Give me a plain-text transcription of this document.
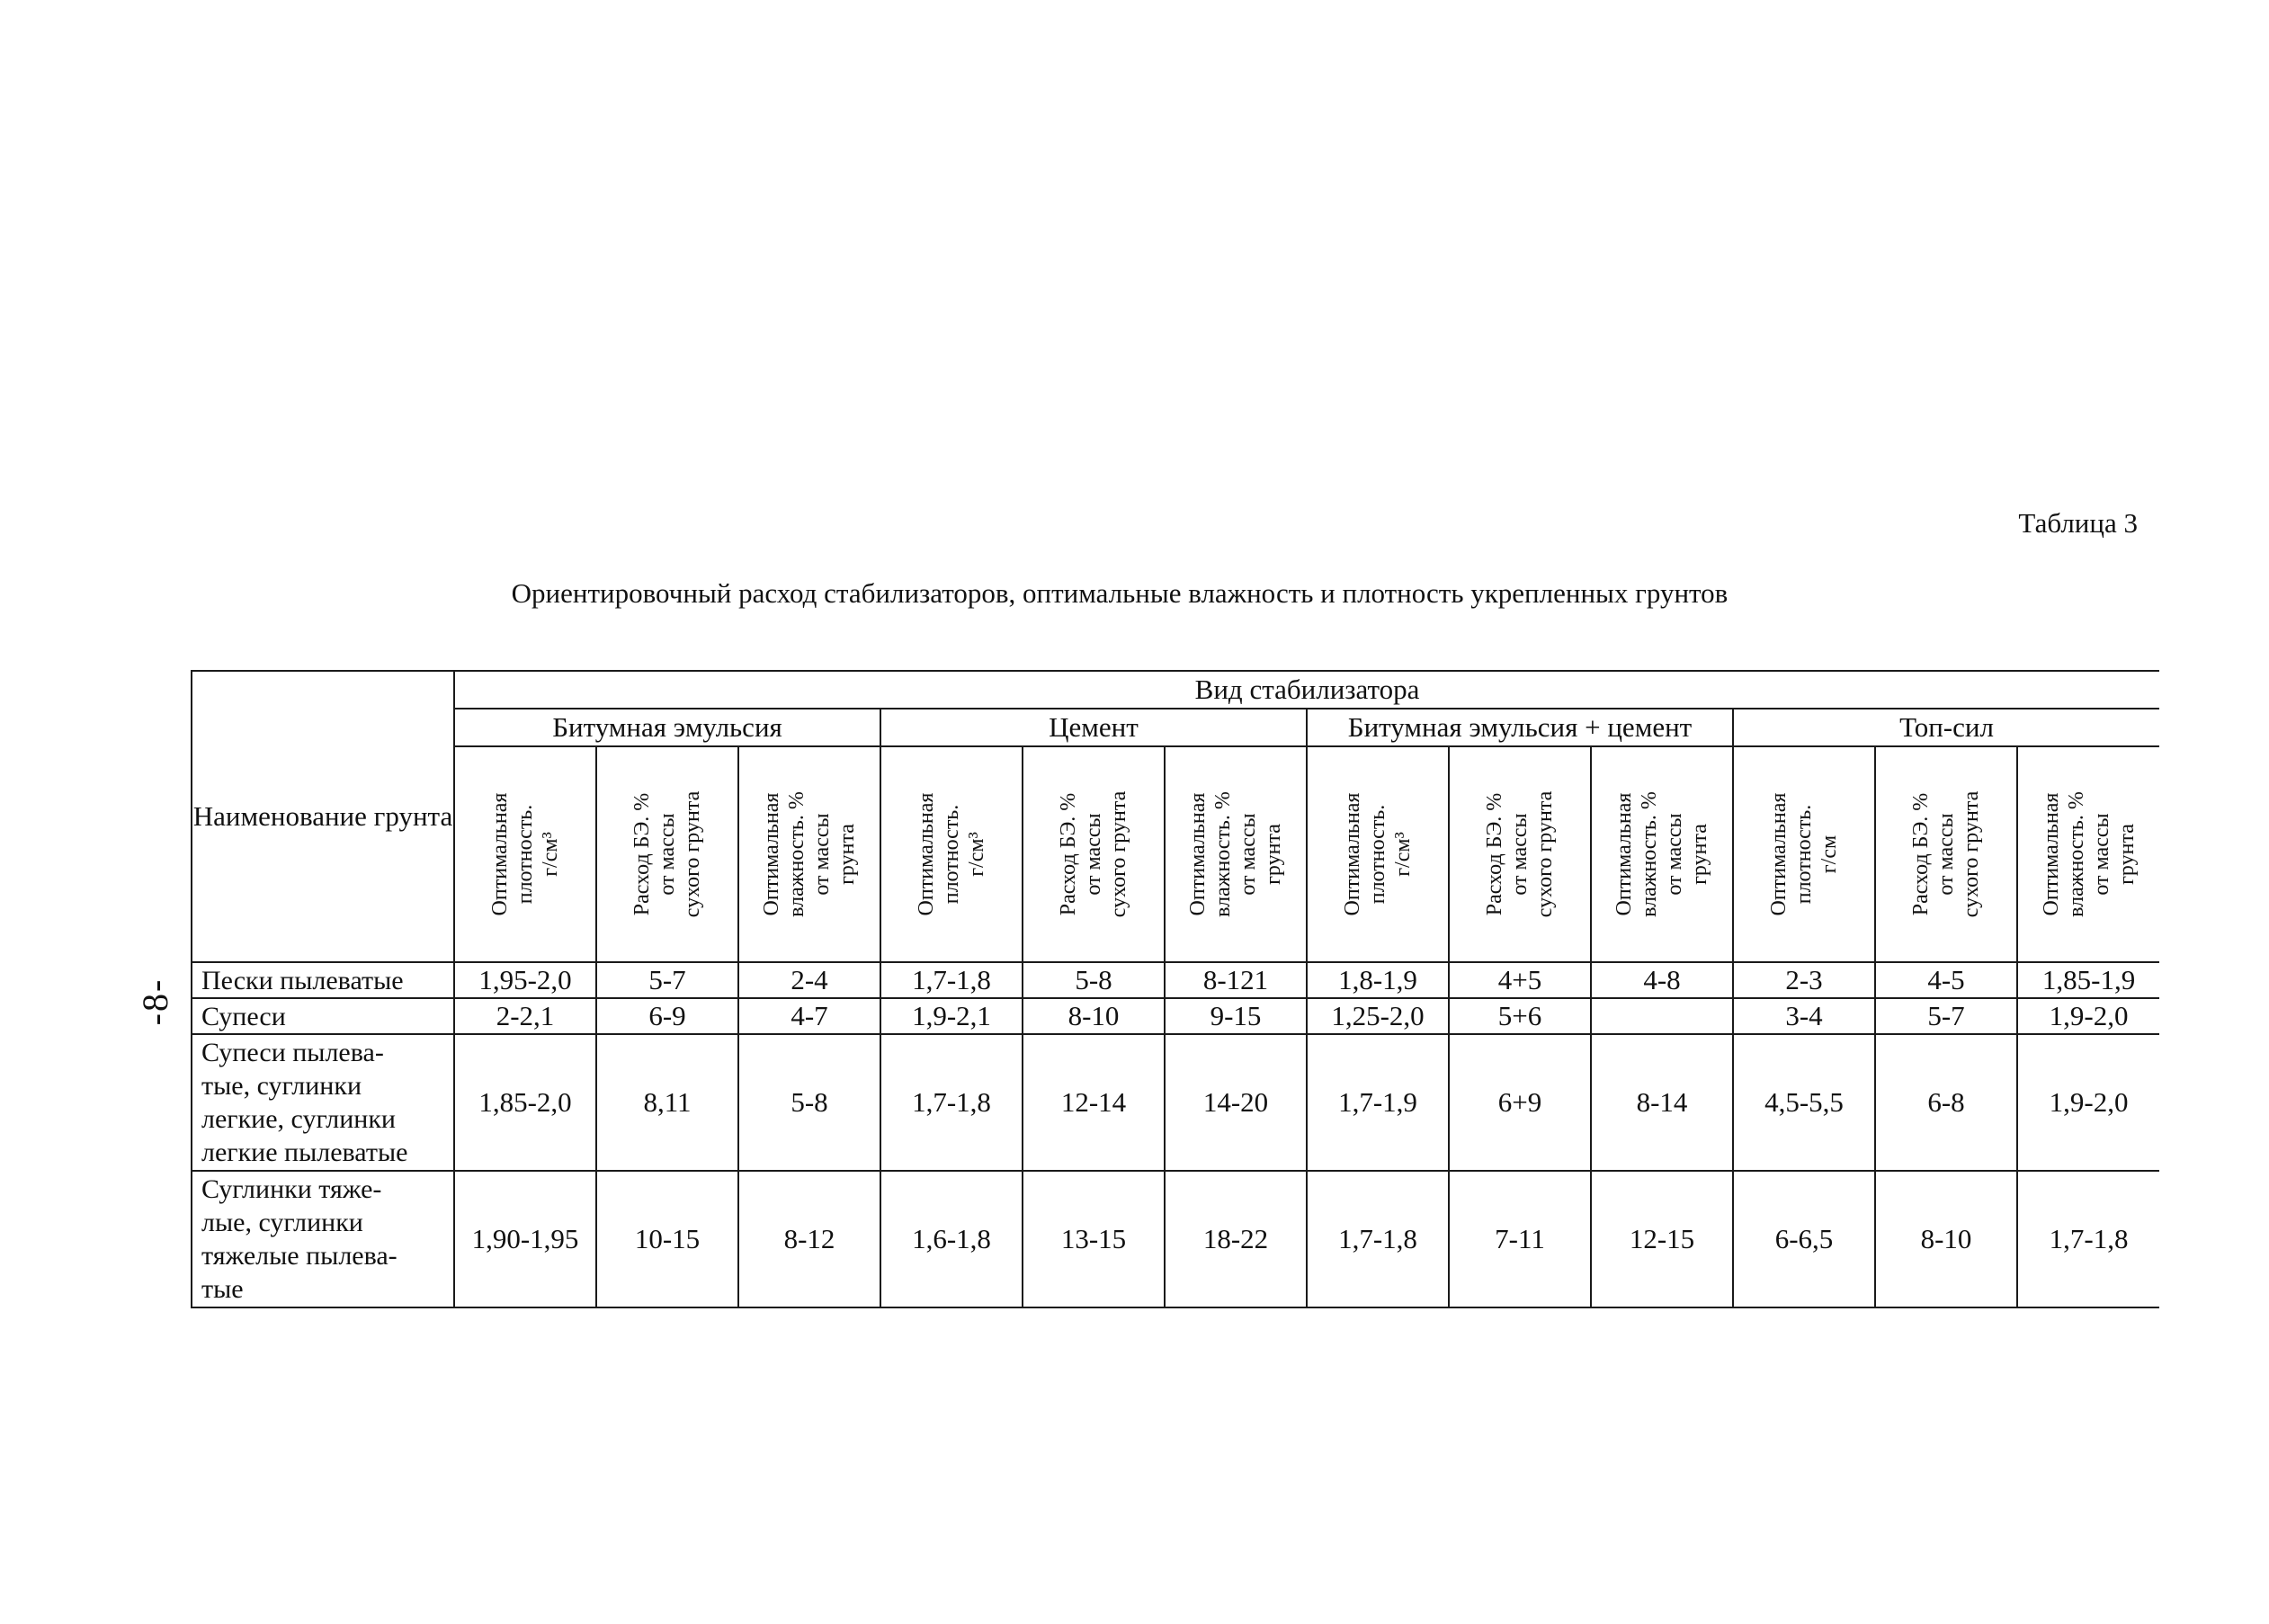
Таблица 3
Ориентировочный расход стабилизаторов, оптимальные влажность и плотность укрепленных грунтов
-8-
Наименование грунта	Вид стабилизатора											
	Битумная эмульсия			Цемент			Битумная эмульсия + цемент			Топ-сил		

	Оптимальная
плотность.
г/см³	Расход БЭ. %
от массы
сухого грунта	Оптимальная
влажность. %
от массы
грунта	Оптимальная
плотность.
г/см³	Расход БЭ. %
от массы
сухого грунта	Оптимальная
влажность. %
от массы
грунта	Оптимальная
плотность.
г/см³	Расход БЭ. %
от массы
сухого грунта	Оптимальная
влажность. %
от массы
грунта	Оптимальная
плотность.
г/см	Расход БЭ. %
от массы
сухого грунта	Оптимальная
влажность. %
от массы
грунта

Пески пылеватые	1,95-2,0	5-7	2-4	1,7-1,8	5-8	8-121	1,8-1,9	4+5	4-8	2-3	4-5	1,85-1,9
Супеси	2-2,1	6-9	4-7	1,9-2,1	8-10	9-15	1,25-2,0	5+6		3-4	5-7	1,9-2,0
Супеси пылева-
тые, суглинки
легкие, суглинки
легкие пылеватые	1,85-2,0	8,11	5-8	1,7-1,8	12-14	14-20	1,7-1,9	6+9	8-14	4,5-5,5	6-8	1,9-2,0
Суглинки тяже-
лые, суглинки
тяжелые пылева-
тые	1,90-1,95	10-15	8-12	1,6-1,8	13-15	18-22	1,7-1,8	7-11	12-15	6-6,5	8-10	1,7-1,8
